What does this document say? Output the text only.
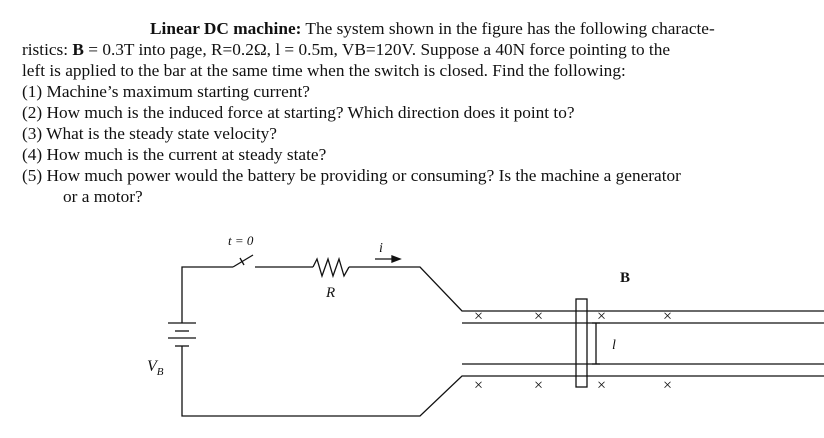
Linear DC machine: The system shown in the figure has the following characte-

ristics: B = 0.3T into page, R=0.2Ω, l = 0.5m, VB=120V. Suppose a 40N force pointing to the

left is applied to the bar at the same time when the switch is closed. Find the following:

(1) Machine’s maximum starting current?
(2) How much is the induced force at starting? Which direction does it point to?
(3) What is the steady state velocity?
(4) How much is the current at steady state?
(5) How much power would the battery be providing or consuming? Is the machine a generator
or a motor?
t = 0
i
R
$V_B$
B
l
×	×	×	×
×	×	×	×
